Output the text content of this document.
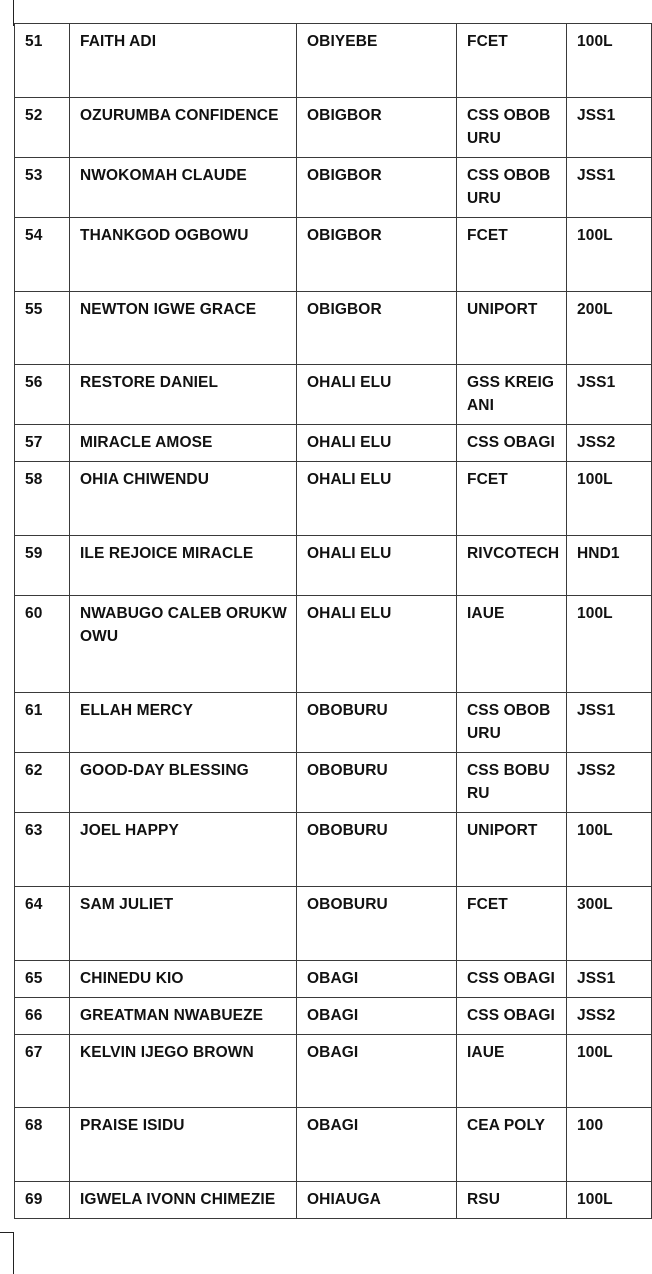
51	FAITH ADI	OBIYEBE	FCET	100L
52	OZURUMBA CONFIDENCE	OBIGBOR	CSS OBOBURU	JSS1
53	NWOKOMAH CLAUDE	OBIGBOR	CSS OBOBURU	JSS1
54	THANKGOD OGBOWU	OBIGBOR	FCET	100L
55	NEWTON IGWE GRACE	OBIGBOR	UNIPORT	200L
56	RESTORE DANIEL	OHALI ELU	GSS KREIGANI	JSS1
57	MIRACLE AMOSE	OHALI ELU	CSS OBAGI	JSS2
58	OHIA CHIWENDU	OHALI ELU	FCET	100L
59	ILE REJOICE MIRACLE	OHALI ELU	RIVCOTECH	HND1
60	NWABUGO CALEB ORUKWOWU	OHALI ELU	IAUE	100L
61	ELLAH MERCY	OBOBURU	CSS OBOBURU	JSS1
62	GOOD-DAY BLESSING	OBOBURU	CSS BOBURU	JSS2
63	JOEL HAPPY	OBOBURU	UNIPORT	100L
64	SAM JULIET	OBOBURU	FCET	300L
65	CHINEDU KIO	OBAGI	CSS OBAGI	JSS1
66	GREATMAN NWABUEZE	OBAGI	CSS OBAGI	JSS2
67	KELVIN IJEGO BROWN	OBAGI	IAUE	100L
68	PRAISE ISIDU	OBAGI	CEA POLY	100
69	IGWELA IVONN CHIMEZIE	OHIAUGA	RSU	100L
